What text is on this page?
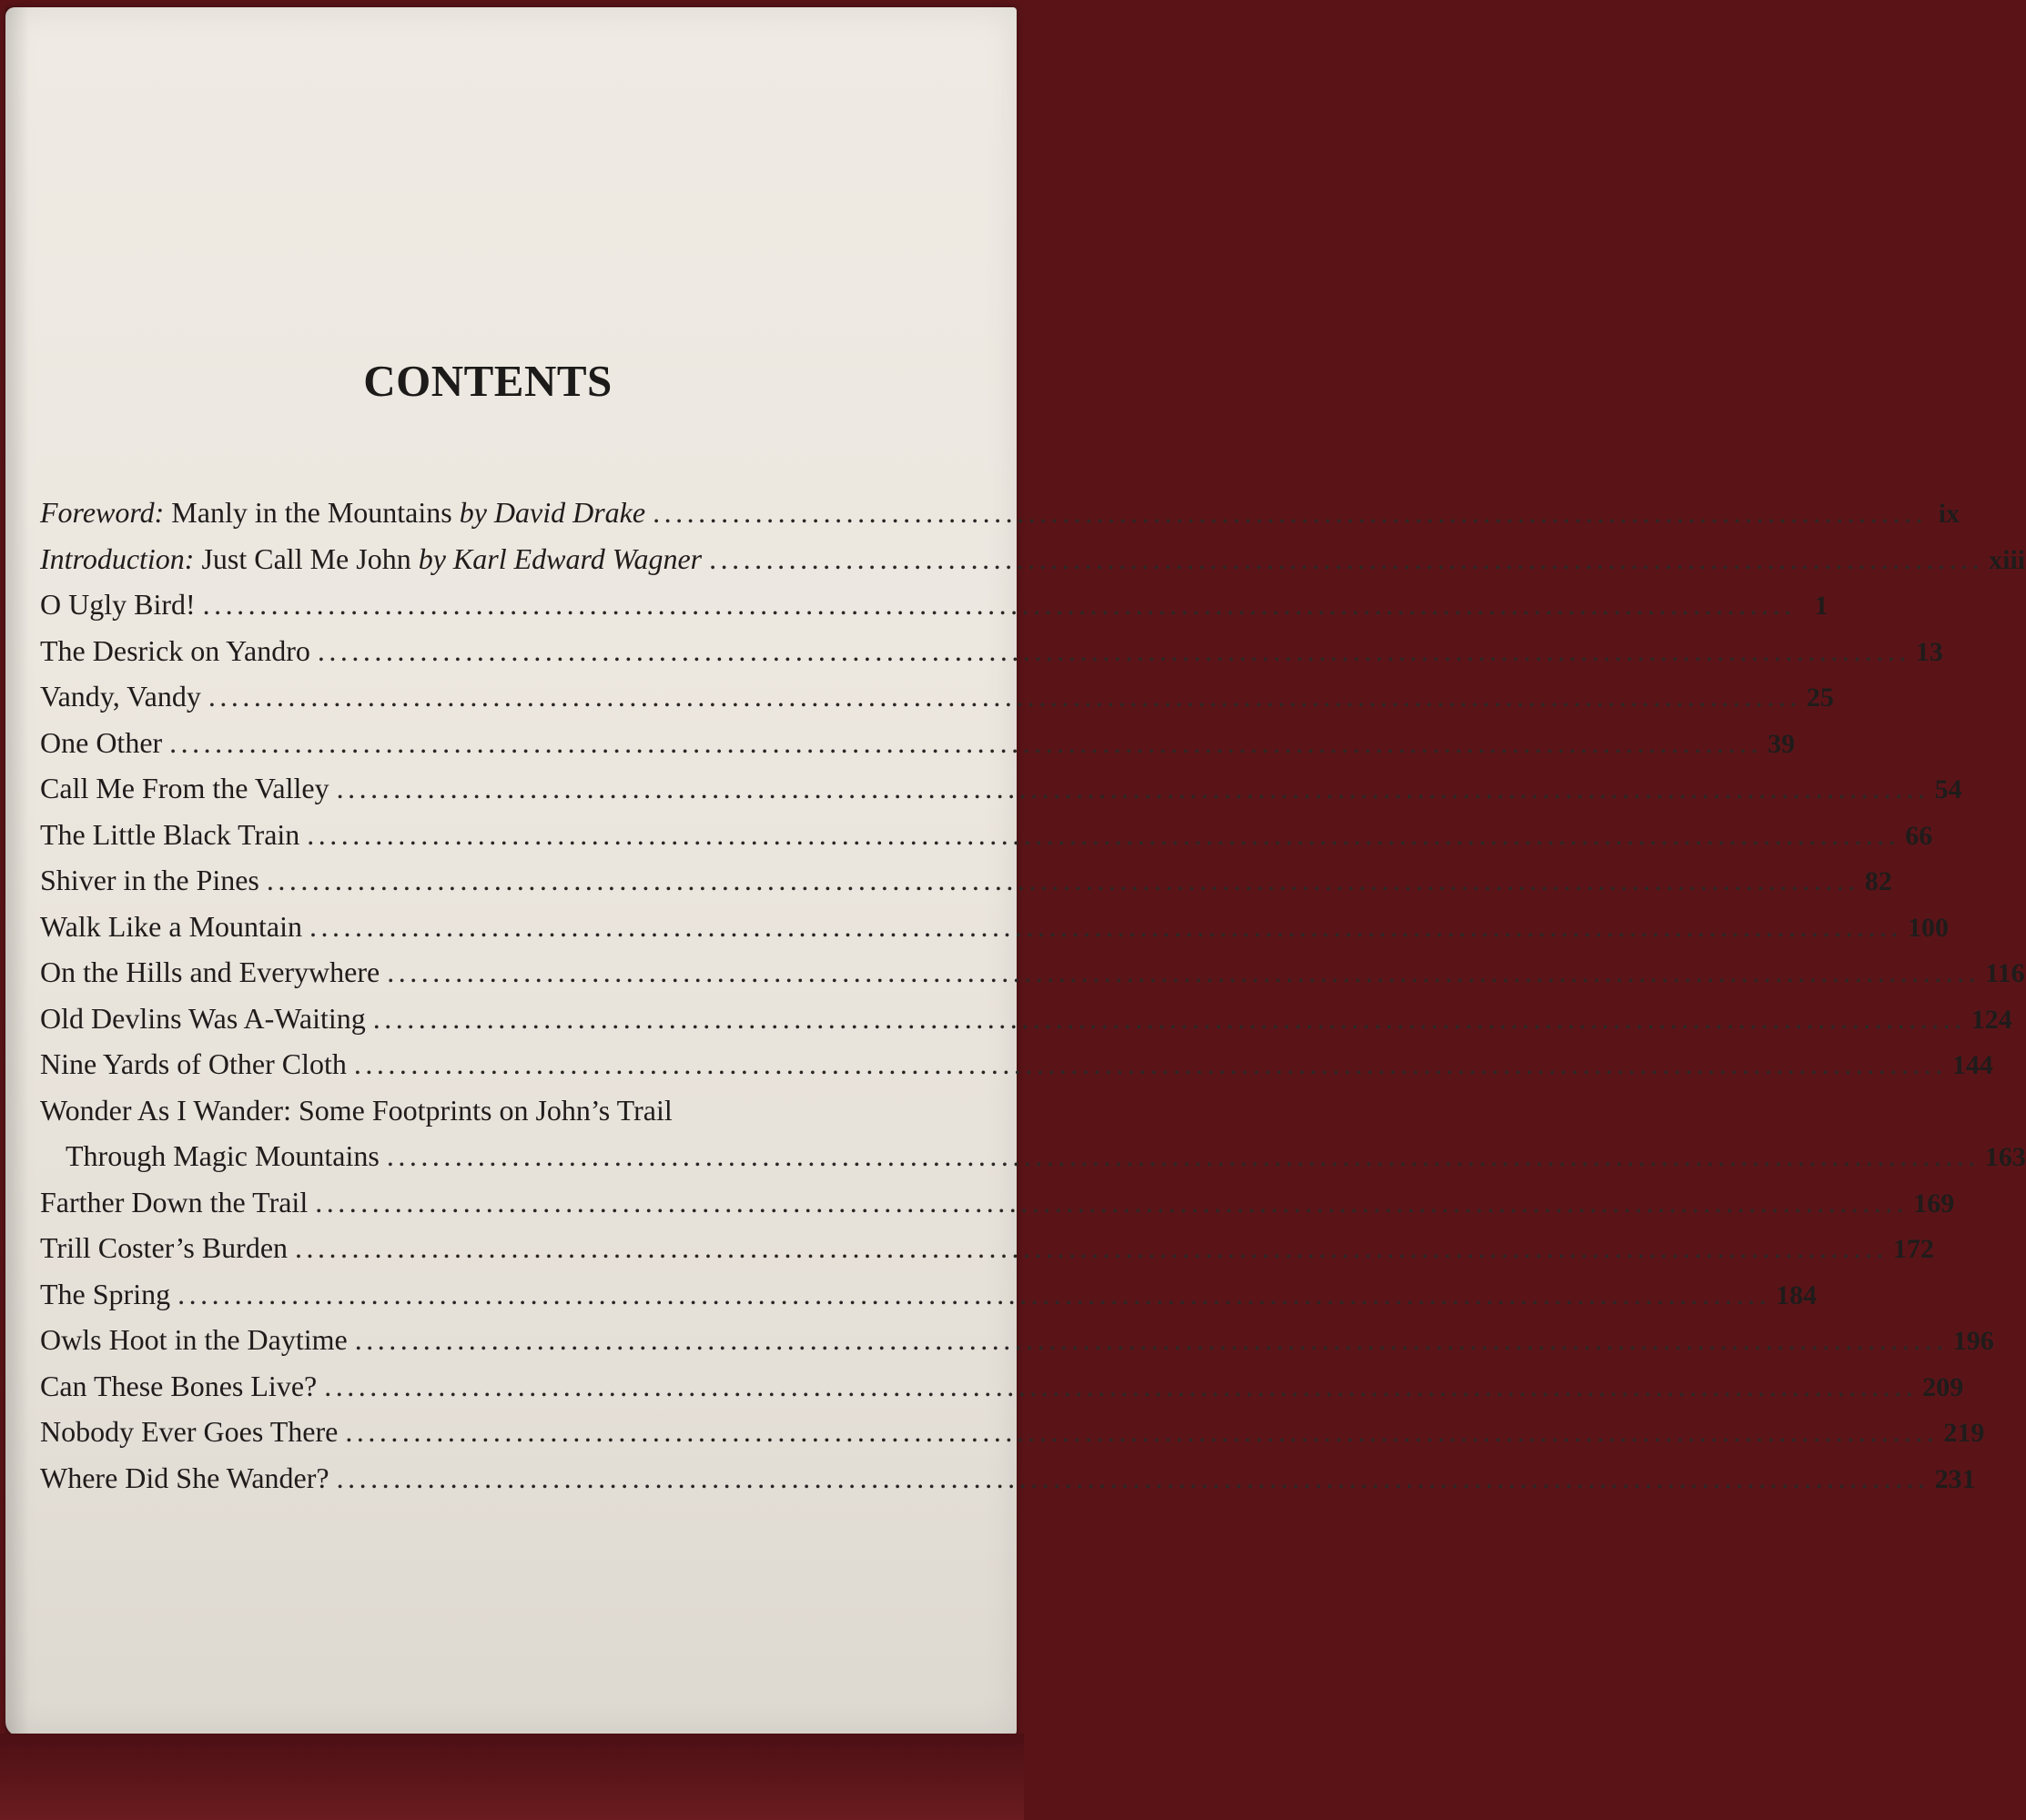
CONTENTS
Foreword: Manly in the Mountains by David Drake ................................................................................................................ ix
Introduction: Just Call Me John by Karl Edward Wagner ................................................................................................................ xiii
O Ugly Bird! ............................................................................................................................................ 1
The Desrick on Yandro ............................................................................................................................................ 13
Vandy, Vandy ............................................................................................................................................ 25
One Other ............................................................................................................................................ 39
Call Me From the Valley ............................................................................................................................................ 54
The Little Black Train ............................................................................................................................................ 66
Shiver in the Pines ............................................................................................................................................ 82
Walk Like a Mountain ............................................................................................................................................ 100
On the Hills and Everywhere ............................................................................................................................................ 116
Old Devlins Was A-Waiting ............................................................................................................................................ 124
Nine Yards of Other Cloth ............................................................................................................................................ 144
Wonder As I Wander: Some Footprints on John’s Trail
Through Magic Mountains ............................................................................................................................................ 163
Farther Down the Trail ............................................................................................................................................ 169
Trill Coster’s Burden ............................................................................................................................................ 172
The Spring ............................................................................................................................................ 184
Owls Hoot in the Daytime ............................................................................................................................................ 196
Can These Bones Live? ............................................................................................................................................ 209
Nobody Ever Goes There ............................................................................................................................................ 219
Where Did She Wander? ............................................................................................................................................ 231
